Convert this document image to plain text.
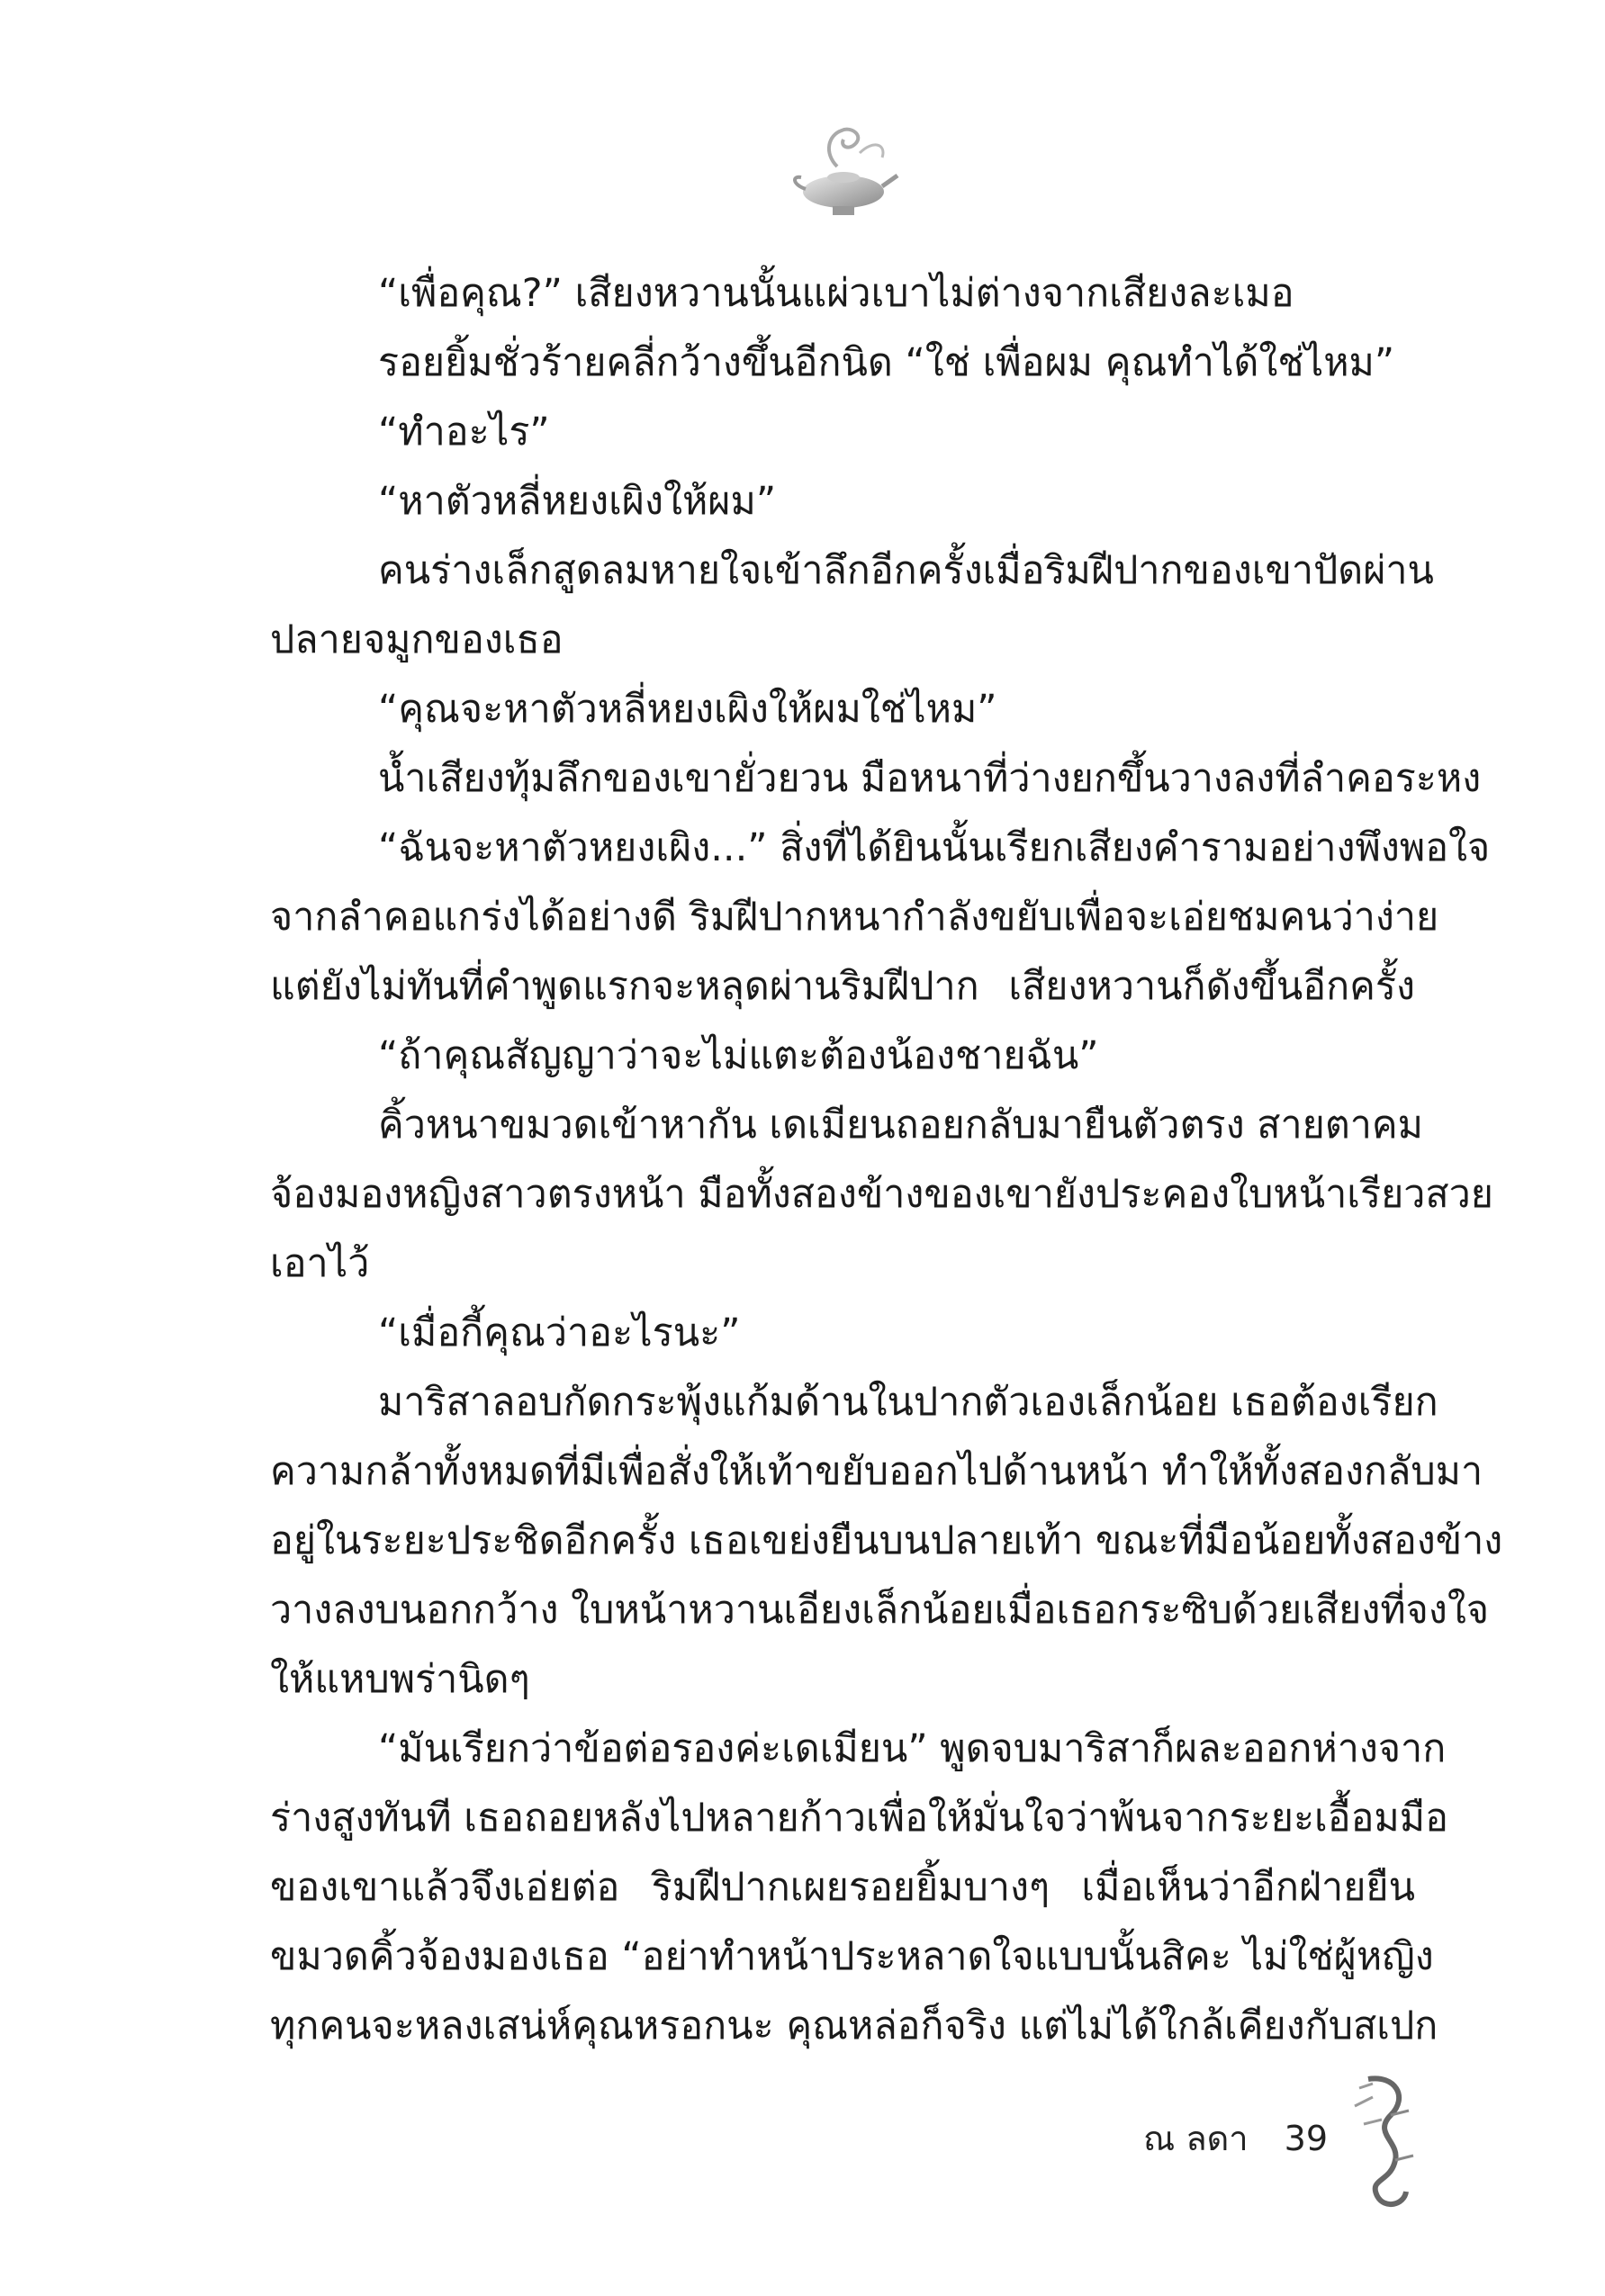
“เพื่อคุณ?” เสียงหวานนั้นแผ่วเบาไม่ต่างจากเสียงละเมอ
รอยยิ้มชั่วร้ายคลี่กว้างขึ้นอีกนิด “ใช่ เพื่อผม คุณทำได้ใช่ไหม”
“ทำอะไร”
“หาตัวหลี่หยงเผิงให้ผม”
คนร่างเล็กสูดลมหายใจเข้าลึกอีกครั้งเมื่อริมฝีปากของเขาปัดผ่าน
ปลายจมูกของเธอ
“คุณจะหาตัวหลี่หยงเผิงให้ผมใช่ไหม”
น้ำเสียงทุ้มลึกของเขายั่วยวน มือหนาที่ว่างยกขึ้นวางลงที่ลำคอระหง
“ฉันจะหาตัวหยงเผิง...” สิ่งที่ได้ยินนั้นเรียกเสียงคำรามอย่างพึงพอใจ
จากลำคอแกร่งได้อย่างดี ริมฝีปากหนากำลังขยับเพื่อจะเอ่ยชมคนว่าง่าย
แต่ยังไม่ทันที่คำพูดแรกจะหลุดผ่านริมฝีปาก เสียงหวานก็ดังขึ้นอีกครั้ง
“ถ้าคุณสัญญาว่าจะไม่แตะต้องน้องชายฉัน”
คิ้วหนาขมวดเข้าหากัน เดเมียนถอยกลับมายืนตัวตรง สายตาคม
จ้องมองหญิงสาวตรงหน้า มือทั้งสองข้างของเขายังประคองใบหน้าเรียวสวย
เอาไว้
“เมื่อกี้คุณว่าอะไรนะ”
มาริสาลอบกัดกระพุ้งแก้มด้านในปากตัวเองเล็กน้อย เธอต้องเรียก
ความกล้าทั้งหมดที่มีเพื่อสั่งให้เท้าขยับออกไปด้านหน้า ทำให้ทั้งสองกลับมา
อยู่ในระยะประชิดอีกครั้ง เธอเขย่งยืนบนปลายเท้า ขณะที่มือน้อยทั้งสองข้าง
วางลงบนอกกว้าง ใบหน้าหวานเอียงเล็กน้อยเมื่อเธอกระซิบด้วยเสียงที่จงใจ
ให้แหบพร่านิดๆ
“มันเรียกว่าข้อต่อรองค่ะเดเมียน” พูดจบมาริสาก็ผละออกห่างจาก
ร่างสูงทันที เธอถอยหลังไปหลายก้าวเพื่อให้มั่นใจว่าพ้นจากระยะเอื้อมมือ
ของเขาแล้วจึงเอ่ยต่อ ริมฝีปากเผยรอยยิ้มบางๆ เมื่อเห็นว่าอีกฝ่ายยืน
ขมวดคิ้วจ้องมองเธอ “อย่าทำหน้าประหลาดใจแบบนั้นสิคะ ไม่ใช่ผู้หญิง
ทุกคนจะหลงเสน่ห์คุณหรอกนะ คุณหล่อก็จริง แต่ไม่ได้ใกล้เคียงกับสเปก
ณ ลดา 39
